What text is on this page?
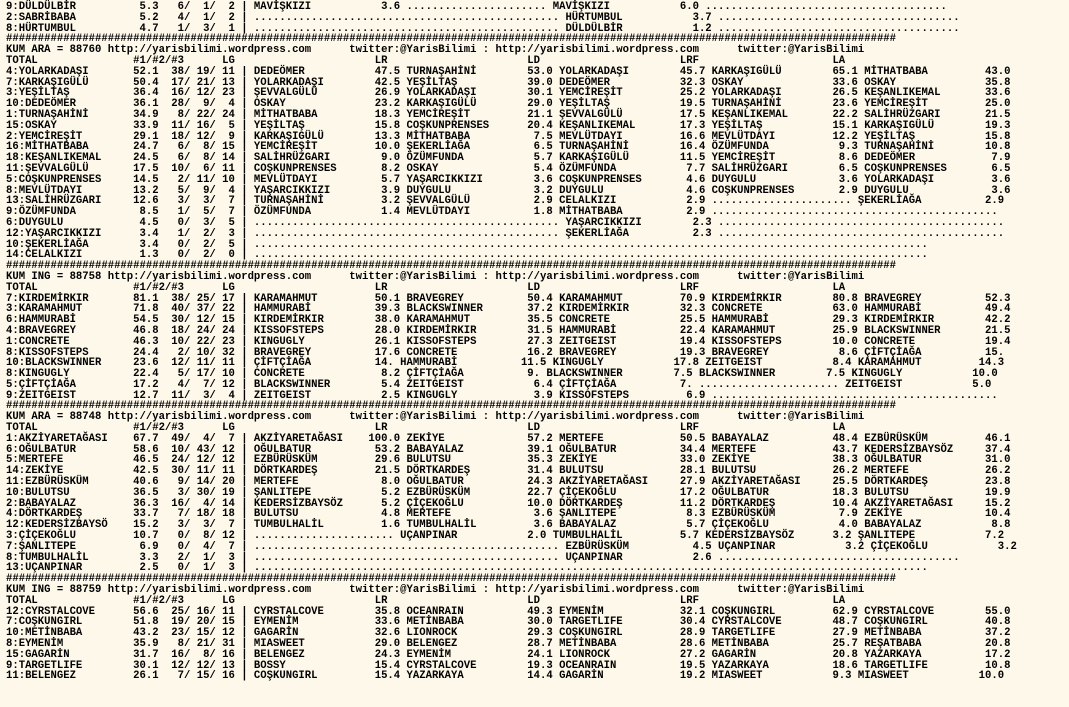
9:DÜLDÜLBİR          5.3   6/  1/  2 | MAVİŞKIZI           3.6 ...................... MAVİŞKIZI           6.0 ......................................
2:SABRİBABA          5.2   4/  1/  2 | ................................................ HÜRTUMBUL           3.7 ......................................
8:HÜRTUMBUL          4.7   1/  3/  1 | ................................................ DÜLDÜLBİR           1.2 ......................................
############################################################################################################################################
KUM ARA = 88760 http://yarisbilimi.wordpress.com      twitter:@YarisBilimi : http://yarisbilimi.wordpress.com      twitter:@YarisBilimi
TOTAL               #1/#2/#3      LG                      LR                      LD                      LRF                     LA
4:YOLARKADAŞI       52.1  38/ 19/ 11 | DEDEÖMER           47.5 TURNAŞAHİNİ        53.0 YOLARKADAŞI        45.7 KARKAŞIGÜLÜ        65.1 MİTHATBABA         43.0
7:KARKAŞIGÜLÜ       50.4  17/ 21/ 13 | YOLARKADAŞI        42.5 YEŞİLTAŞ           39.0 DEDEÖMER           32.3 OSKAY              33.6 OSKAY              35.8
3:YEŞİLTAŞ          36.4  16/ 12/ 23 | ŞEVVALGÜLÜ         26.9 YOLARKADAŞI        30.1 YEMCİREŞİT         25.2 YOLARKADAŞI        26.5 KEŞANLIKEMAL       33.6
10:DEDEÖMER         36.1  28/  9/  4 | OSKAY              23.2 KARKAŞIGÜLÜ        29.0 YEŞİLTAŞ           19.5 TURNAŞAHİNİ        23.6 YEMCİREŞİT         25.0
1:TURNAŞAHİNİ       34.9   8/ 22/ 24 | MİTHATBABA         18.3 YEMCİREŞİT         21.1 ŞEVVALGÜLÜ         17.5 KEŞANLIKEMAL       22.2 SALİHRÜZGARI       21.5
15:OSKAY            33.9  11/ 16/  5 | YEŞİLTAŞ           15.8 COŞKUNPRENSES      20.4 KEŞANLIKEMAL       17.3 YEŞİLTAŞ           15.1 KARKAŞIGÜLÜ        19.3
2:YEMCİREŞİT        29.1  18/ 12/  9 | KARKAŞIGÜLÜ        13.3 MİTHATBABA          7.5 MEVLÜTDAYI         16.6 MEVLÜTDAYI         12.2 YEŞİLTAŞ           15.8
16:MİTHATBABA       24.7   6/  8/ 15 | YEMCİREŞİT         10.0 ŞEKERLİAĞA          6.5 TURNAŞAHİNİ        16.4 ÖZÜMFUNDA           9.3 TURNAŞAHİNİ        10.8
18:KEŞANLIKEMAL     24.5   6/  8/ 14 | SALİHRÜZGARI        9.0 ÖZÜMFUNDA           5.7 KARKAŞIGÜLÜ        11.5 YEMCİREŞİT          8.6 DEDEÖMER            7.9
11:ŞEVVALGÜLÜ       17.5  10/  6/ 11 | COŞKUNPRENSES       8.2 OSKAY               5.4 ÖZÜMFUNDA           7.7 SALİHRÜZGARI        6.5 COŞKUNPRENSES       6.5
5:COŞKUNPRENSES     14.5   2/ 11/ 10 | MEVLÜTDAYI          5.7 YAŞARCIKKIZI        3.6 COŞKUNPRENSES       4.6 DUYGULU             3.6 YOLARKADAŞI         3.6
8:MEVLÜTDAYI        13.2   5/  9/  4 | YAŞARCIKKIZI        3.9 DUYGULU             3.2 DUYGULU             4.6 COŞKUNPRENSES       2.9 DUYGULU             3.6
13:SALİHRÜZGARI     12.6   3/  3/  7 | TURNAŞAHİNİ         3.2 ŞEVVALGÜLÜ          2.9 CELALKIZI           2.9 ...................... ŞEKERLİAĞA          2.9
9:ÖZÜMFUNDA          8.5   1/  5/  7 | ÖZÜMFUNDA           1.4 MEVLÜTDAYI          1.8 MİTHATBABA          2.9 .............................................
6:DUYGULU            4.5   0/  3/  5 | ................................................ YAŞARCIKKIZI        2.3 .............................................
12:YAŞARCIKKIZI      3.4   1/  2/  3 | ................................................ ŞEKERLİAĞA          2.3 .............................................
10:ŞEKERLİAĞA        3.4   0/  2/  5 | ..........................................................................................................
14:CELALKIZI         1.3   0/  2/  0 | ..........................................................................................................
############################################################################################################################################
KUM ING = 88758 http://yarisbilimi.wordpress.com      twitter:@YarisBilimi : http://yarisbilimi.wordpress.com      twitter:@YarisBilimi
TOTAL               #1/#2/#3      LG                      LR                      LD                      LRF                     LA
7:KIRDEMİRKIR       81.1  38/ 25/ 17 | KARAMAHMUT         50.1 BRAVEGREY          50.4 KARAMAHMUT         70.9 KIRDEMİRKIR        80.8 BRAVEGREY          52.3
3:KARAMAHMUT        71.8  40/ 37/ 22 | HAMMURABİ          39.3 BLACKSWINNER       37.2 KIRDEMİRKIR        32.3 CONCRETE           63.0 HAMMURABİ          49.4
6:HAMMURABİ         54.5  30/ 12/ 15 | KIRDEMİRKIR        38.0 KARAMAHMUT         35.5 CONCRETE           25.5 HAMMURABİ          29.3 KIRDEMİRKIR        42.2
4:BRAVEGREY         46.8  18/ 24/ 24 | KISSOFSTEPS        28.0 KIRDEMİRKIR        31.5 HAMMURABİ          22.4 KARAMAHMUT         25.9 BLACKSWINNER       21.5
1:CONCRETE          46.3  10/ 22/ 23 | KINGUGLY           26.1 KISSOFSTEPS        27.3 ZEITGEIST          19.4 KISSOFSTEPS        10.0 CONCRETE           19.4
8:KISSOFSTEPS       24.4   2/ 10/ 32 | BRAVEGREY          17.6 CONCRETE           16.2 BRAVEGREY          19.3 BRAVEGREY           8.6 ÇİFTÇİAĞA          15.
10:BLACKSWINNER     23.6  12/ 11/ 11 | ÇİFTÇİAĞA          14. HAMMURABİ          11.5 KINGUGLY           17.8 ZEITGEIST           8.4 KARAMAHMUT         14.3
8:KINGUGLY          22.4   5/ 17/ 10 | CONCRETE            8.2 ÇİFTÇİAĞA          9. BLACKSWINNER        7.5 BLACKSWINNER        7.5 KINGUGLY           10.0
5:ÇİFTÇİAĞA         17.2   4/  7/ 12 | BLACKSWINNER        5.4 ZEITGEIST           6.4 ÇİFTÇİAĞA          7. ...................... ZEITGEIST           5.0
9:ZEITGEIST         12.7  11/  3/  4 | ZEITGEIST           2.5 KINGUGLY            3.9 KISSOFSTEPS         6.9 .............................................
############################################################################################################################################
KUM ARA = 88748 http://yarisbilimi.wordpress.com      twitter:@YarisBilimi : http://yarisbilimi.wordpress.com      twitter:@YarisBilimi
TOTAL               #1/#2/#3      LG                      LR                      LD                      LRF                     LA
1:AKZİYARETAĞASI    67.7  49/  4/  7 | AKZİYARETAĞASI    100.0 ZEKİYE             57.2 MERTEFE            50.5 BABAYALAZ          48.4 EZBÜRÜSKÜM         46.1
6:OĞULBATUR         58.6  10/ 43/ 12 | OĞULBATUR          53.2 BABAYALAZ          39.1 OĞULBATUR          34.4 MERTEFE            43.7 KEDERSİZBAYSÖZ     37.4
5:MERTEFE           46.5  24/ 12/ 12 | EZBÜRÜSKÜM         29.6 BULUTSU            35.3 ZEKİYE             33.0 ZEKİYE             38.3 OĞULBATUR          31.0
14:ZEKİYE           42.5  30/ 11/ 11 | DÖRTKARDEŞ         21.5 DÖRTKARDEŞ         31.4 BULUTSU            28.1 BULUTSU            26.2 MERTEFE            26.2
11:EZBÜRÜSKÜM       40.6   9/ 14/ 20 | MERTEFE             8.0 OĞULBATUR          24.3 AKZİYARETAĞASI     27.9 AKZİYARETAĞASI     25.5 DÖRTKARDEŞ         23.8
10:BULUTSU          36.5   3/ 30/ 19 | ŞANLITEPE           5.2 EZBÜRÜSKÜM         22.7 ÇİÇEKOĞLU          17.2 OĞULBATUR          18.3 BULUTSU            19.9
2:BABAYALAZ         36.3  16/  4/ 14 | KEDERSİZBAYSÖZ      5.2 ÇİÇEKOĞLU          10.0 DÖRTKARDEŞ         11.2 DÖRTKARDEŞ         10.4 AKZİYARETAĞASI     15.2
4:DÖRTKARDEŞ        33.7   7/ 18/ 18 | BULUTSU             4.8 MERTEFE             3.6 ŞANLITEPE           8.3 EZBÜRÜSKÜM          7.9 ZEKİYE             10.4
12:KEDERSİZBAYSÖ    15.2   3/  3/  7 | TUMBULHALİL         1.6 TUMBULHALİL         3.6 BABAYALAZ           5.7 ÇİÇEKOĞLU           4.0 BABAYALAZ           8.8
3:ÇİÇEKOĞLU         10.7   0/  8/ 12 | ...................... UÇANPINAR           2.0 TUMBULHALİL         5.7 KEDERSİZBAYSÖZ      3.2 ŞANLITEPE           7.2
7:ŞANLITEPE          6.9   0/  4/  7 | ................................................ EZBÜRÜSKÜM          4.5 UÇANPINAR           3.2 ÇİÇEKOĞLU           3.2
8:TUMBULHALİL        3.3   2/  1/  3 | ................................................ UÇANPINAR           2.6 ......................................
13:UÇANPINAR         2.5   0/  1/  3 | ..........................................................................................................
############################################################################################################################################
KUM ING = 88759 http://yarisbilimi.wordpress.com      twitter:@YarisBilimi : http://yarisbilimi.wordpress.com      twitter:@YarisBilimi
TOTAL               #1/#2/#3      LG                      LR                      LD                      LRF                     LA
12:CYRSTALCOVE      56.6  25/ 16/ 11 | CYRSTALCOVE        35.8 OCEANRAIN          49.3 EYMENİM            32.1 COŞKUNGIRL         62.9 CYRSTALCOVE        55.0
7:COŞKUNGIRL        51.8  19/ 20/ 15 | EYMENİM            33.6 METİNBABA          30.0 TARGETLIFE         30.4 CYRSTALCOVE        48.7 COŞKUNGIRL         40.8
10:METİNBABA        43.2  23/ 15/ 12 | GAGARİN            32.6 LIONROCK           29.3 COŞKUNGIRL         28.9 TARGETLIFE         27.9 METİNBABA          37.2
8:EYMENİM           35.9   8/ 21/ 31 | MIASWEET           29.0 BELENGEZ           28.7 METİNBABA          28.6 METİNBABA          25.7 REŞATBABA          20.8
15:GAGARİN          31.7  16/  8/ 16 | BELENGEZ           24.3 EYMENİM            24.1 LIONROCK           27.2 GAGARİN            20.8 YAZARKAYA          17.2
9:TARGETLIFE        30.1  12/ 12/ 13 | BOSSY              15.4 CYRSTALCOVE        19.3 OCEANRAIN          19.5 YAZARKAYA          18.6 TARGETLIFE         10.8
11:BELENGEZ         26.1   7/ 15/ 16 | COŞKUNGIRL         15.4 YAZARKAYA          14.4 GAGARİN            19.2 MIASWEET           9.3 MIASWEET           10.0
